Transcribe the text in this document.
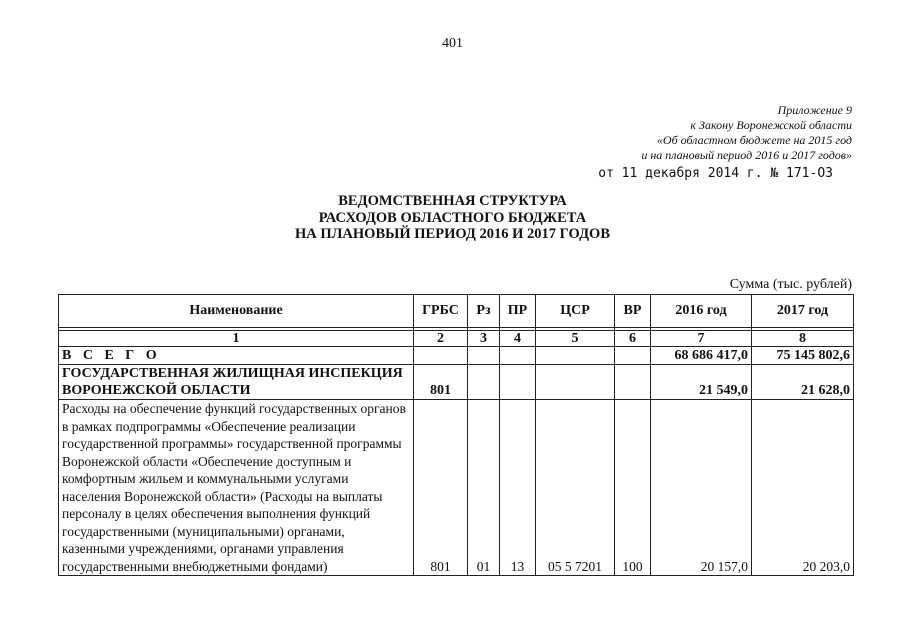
401
Приложение 9
к Закону Воронежской области
«Об областном бюджете на 2015 год
и на плановый период 2016 и 2017 годов»
от 11 декабря 2014 г. № 171-ОЗ
ВЕДОМСТВЕННАЯ СТРУКТУРА
РАСХОДОВ ОБЛАСТНОГО БЮДЖЕТА
НА ПЛАНОВЫЙ ПЕРИОД 2016 И 2017 ГОДОВ
Сумма (тыс. рублей)
Наименование	ГРБС	Рз	ПР	ЦСР	ВР	2016 год	2017 год

1	2	3	4	5	6	7	8
В С Е Г О						68 686 417,0	75 145 802,6
ГОСУДАРСТВЕННАЯ ЖИЛИЩНАЯ ИНСПЕКЦИЯ ВОРОНЕЖСКОЙ ОБЛАСТИ	801					21 549,0	21 628,0
Расходы на обеспечение функций государственных органов в рамках подпрограммы «Обеспечение реализации государственной программы» государственной программы Воронежской области «Обеспечение доступным и комфортным жильем и коммунальными услугами населения Воронежской области» (Расходы на выплаты персоналу в целях обеспечения выполнения функций государственными (муниципальными) органами, казенными учреждениями, органами управления государственными внебюджетными фондами)	801	01	13	05 5 7201	100	20 157,0	20 203,0
